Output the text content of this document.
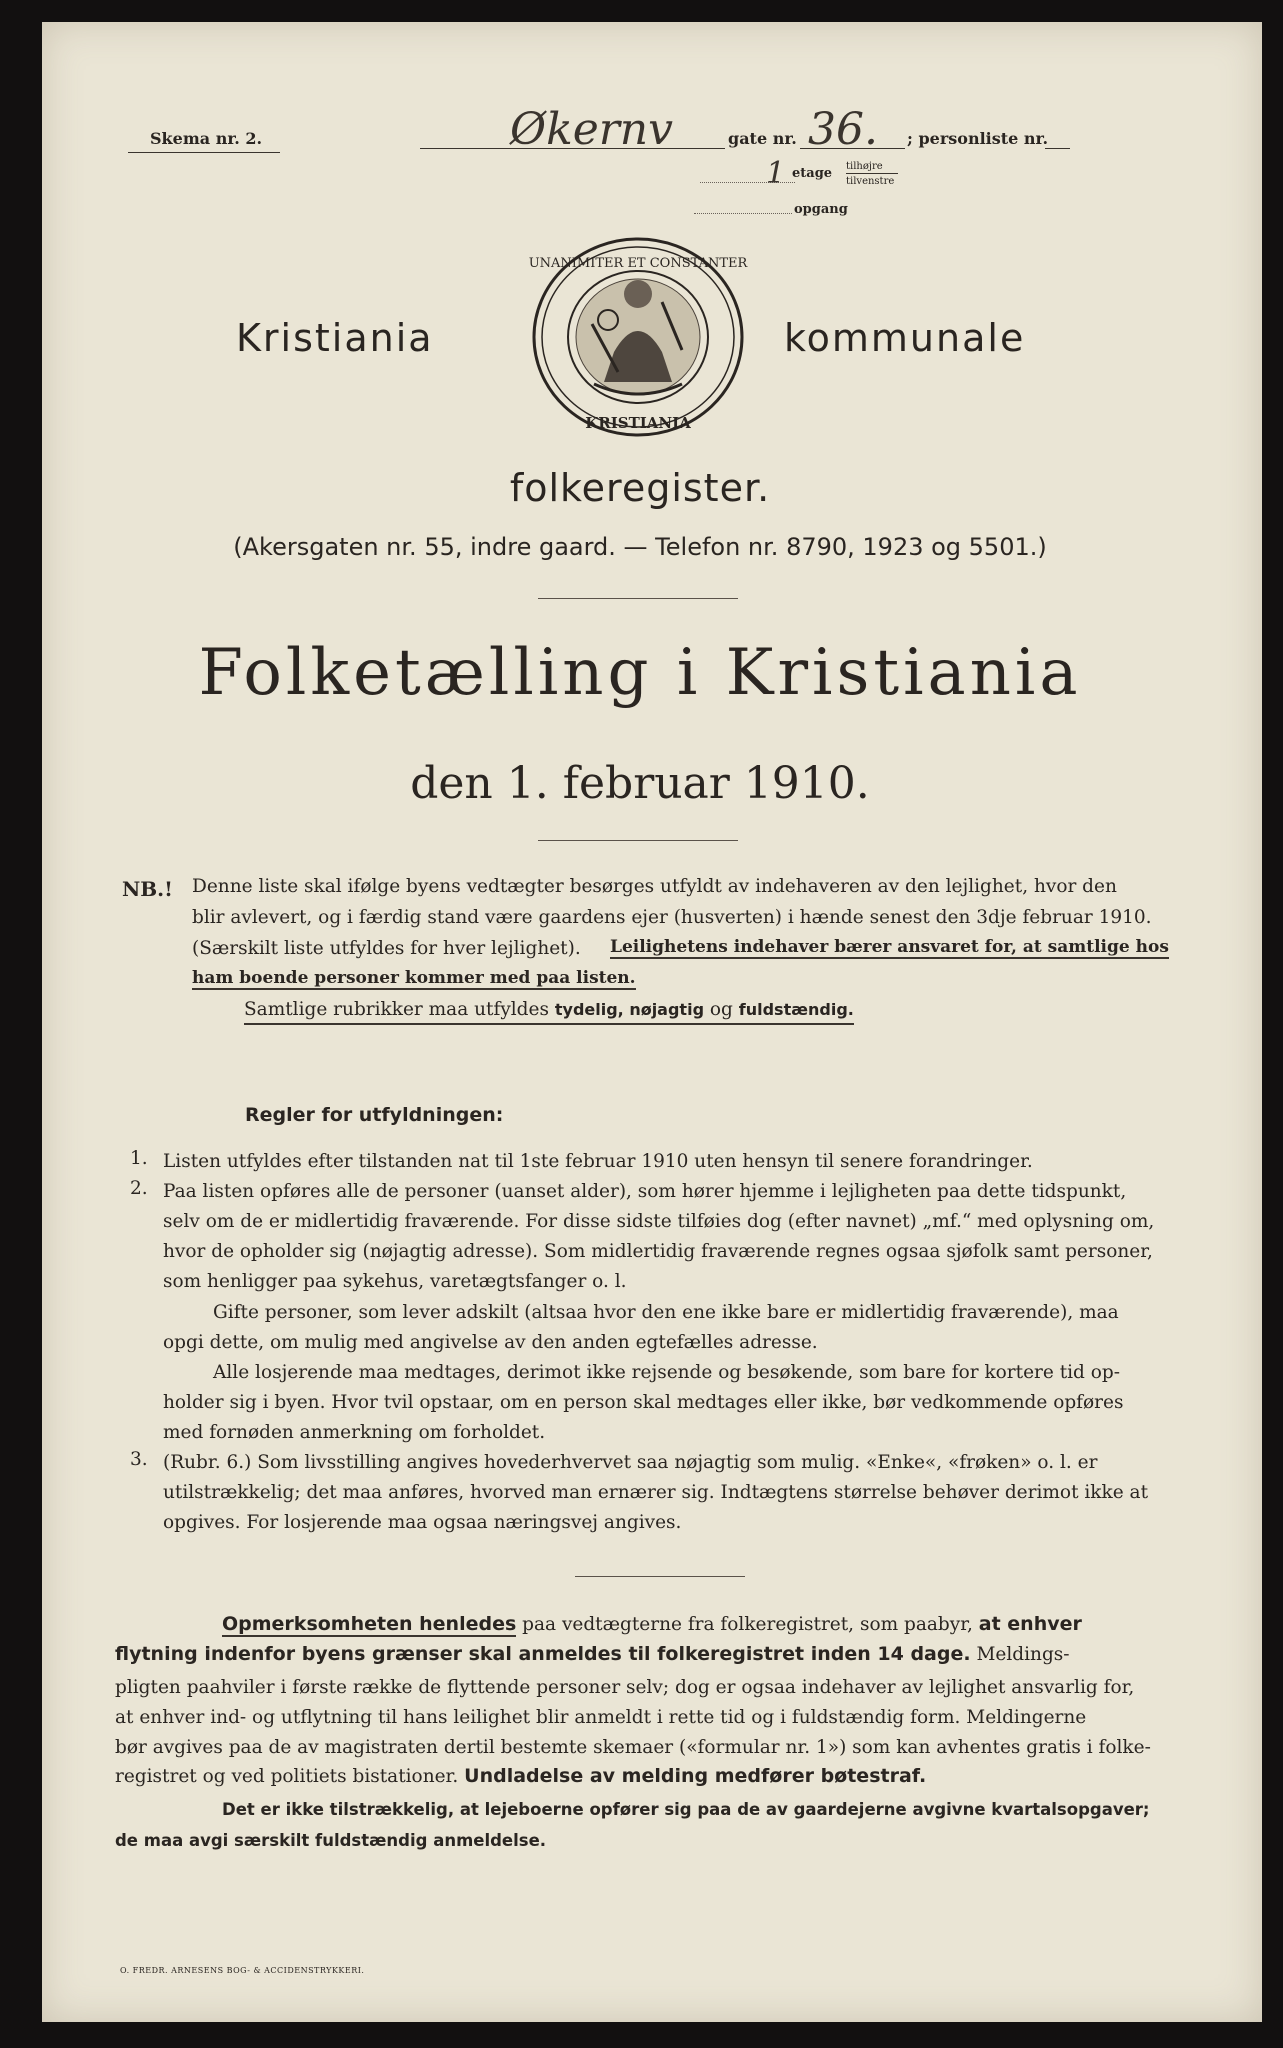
Skema nr. 2.	Økernv	gate nr. 36. ; personliste nr.
1 etage tilhøjre
tilvenstre
opgang
UNANIMITER ET CONSTANTER
KRISTIANIA
Kristiania	kommunale
folkeregister.
(Akersgaten nr. 55, indre gaard. — Telefon nr. 8790, 1923 og 5501.)
Folketælling i Kristiania
den 1. februar 1910.
NB.! Denne liste skal ifølge byens vedtægter besørges utfyldt av indehaveren av den lejlighet, hvor den
blir avlevert, og i færdig stand være gaardens ejer (husverten) i hænde senest den 3dje februar 1910.
(Særskilt liste utfyldes for hver lejlighet).	Leilighetens indehaver bærer ansvaret for, at samtlige hos
ham boende personer kommer med paa listen.
Samtlige rubrikker maa utfyldes tydelig, nøjagtig og fuldstændig.
Regler for utfyldningen:
1. Listen utfyldes efter tilstanden nat til 1ste februar 1910 uten hensyn til senere forandringer.
2. Paa listen opføres alle de personer (uanset alder), som hører hjemme i lejligheten paa dette tidspunkt,
selv om de er midlertidig fraværende. For disse sidste tilføies dog (efter navnet) „mf.“ med oplysning om,
hvor de opholder sig (nøjagtig adresse). Som midlertidig fraværende regnes ogsaa sjøfolk samt personer,
som henligger paa sykehus, varetægtsfanger o. l.
Gifte personer, som lever adskilt (altsaa hvor den ene ikke bare er midlertidig fraværende), maa
opgi dette, om mulig med angivelse av den anden egtefælles adresse.
Alle losjerende maa medtages, derimot ikke rejsende og besøkende, som bare for kortere tid op-
holder sig i byen. Hvor tvil opstaar, om en person skal medtages eller ikke, bør vedkommende opføres
med fornøden anmerkning om forholdet.
3. (Rubr. 6.) Som livsstilling angives hovederhvervet saa nøjagtig som mulig. «Enke«, «frøken» o. l. er
utilstrækkelig; det maa anføres, hvorved man ernærer sig. Indtægtens størrelse behøver derimot ikke at
opgives. For losjerende maa ogsaa næringsvej angives.
Opmerksomheten henledes paa vedtægterne fra folkeregistret, som paabyr, at enhver
flytning indenfor byens grænser skal anmeldes til folkeregistret inden 14 dage. Meldings-
pligten paahviler i første række de flyttende personer selv; dog er ogsaa indehaver av lejlighet ansvarlig for,
at enhver ind- og utflytning til hans leilighet blir anmeldt i rette tid og i fuldstændig form. Meldingerne
bør avgives paa de av magistraten dertil bestemte skemaer («formular nr. 1») som kan avhentes gratis i folke-
registret og ved politiets bistationer. Undladelse av melding medfører bøtestraf.
Det er ikke tilstrækkelig, at lejeboerne opfører sig paa de av gaardejerne avgivne kvartalsopgaver;
de maa avgi særskilt fuldstændig anmeldelse.
O. FREDR. ARNESENS BOG- & ACCIDENSTRYKKERI.
